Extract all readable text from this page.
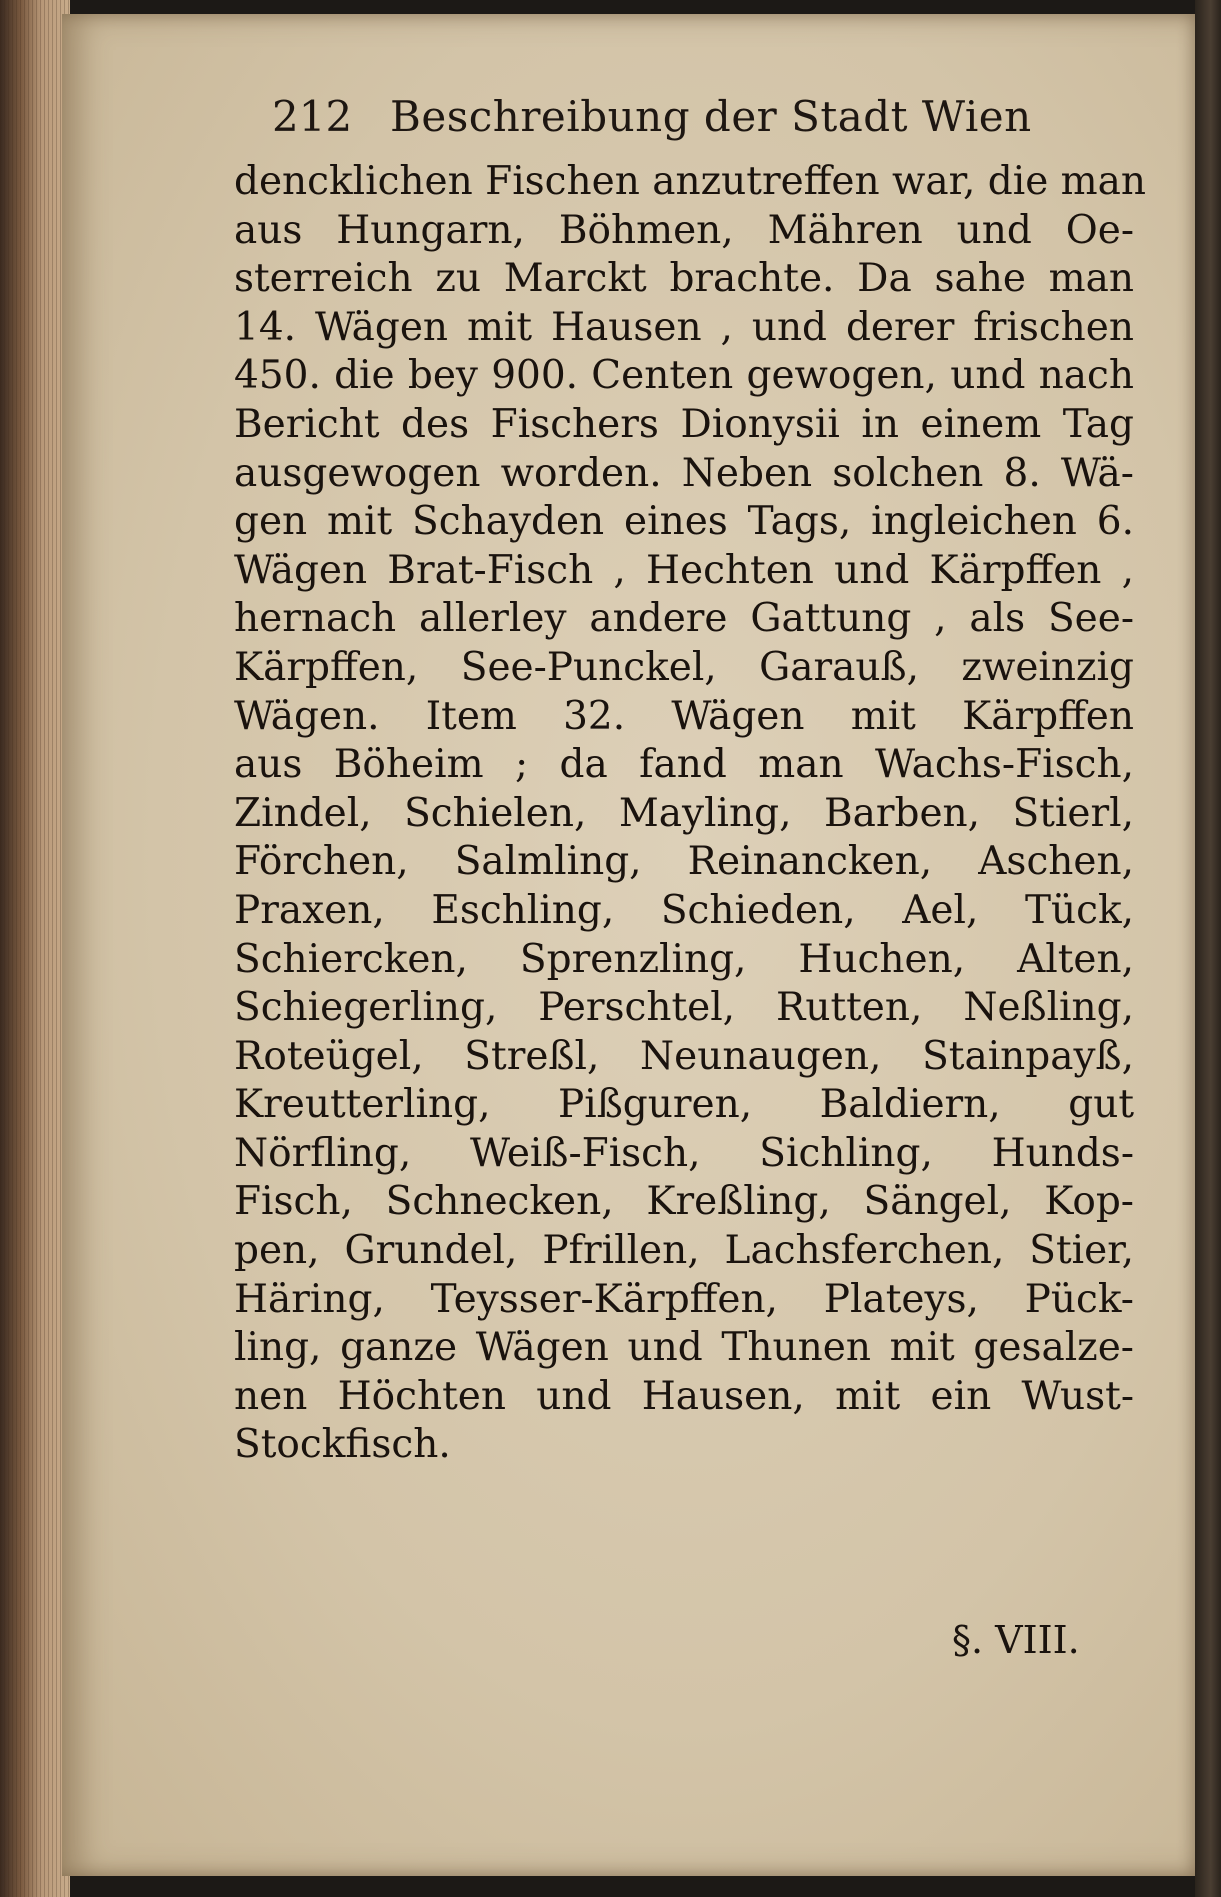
212 Beschreibung der Stadt Wien
dencklichen Fischen anzutreffen war, die man
aus Hungarn, Böhmen, Mähren und Oe-
sterreich zu Marckt brachte. Da sahe man
14. Wägen mit Hausen , und derer frischen
450. die bey 900. Centen gewogen, und nach
Bericht des Fischers Dionysii in einem Tag
ausgewogen worden. Neben solchen 8. Wä-
gen mit Schayden eines Tags, ingleichen 6.
Wägen Brat-Fisch , Hechten und Kärpffen ,
hernach allerley andere Gattung , als See-
Kärpffen, See-Punckel, Garauß, zweinzig
Wägen. Item 32. Wägen mit Kärpffen
aus Böheim ; da fand man Wachs-Fisch,
Zindel, Schielen, Mayling, Barben, Stierl,
Förchen, Salmling, Reinancken, Aschen,
Praxen, Eschling, Schieden, Ael, Tück,
Schiercken, Sprenzling, Huchen, Alten,
Schiegerling, Perschtel, Rutten, Neßling,
Roteügel, Streßl, Neunaugen, Stainpayß,
Kreutterling, Pißguren, Baldiern, gut
Nörfling, Weiß-Fisch, Sichling, Hunds-
Fisch, Schnecken, Kreßling, Sängel, Kop-
pen, Grundel, Pfrillen, Lachsferchen, Stier,
Häring, Teysser-Kärpffen, Plateys, Pück-
ling, ganze Wägen und Thunen mit gesalze-
nen Höchten und Hausen, mit ein Wust-
Stockfisch.
§. VIII.
